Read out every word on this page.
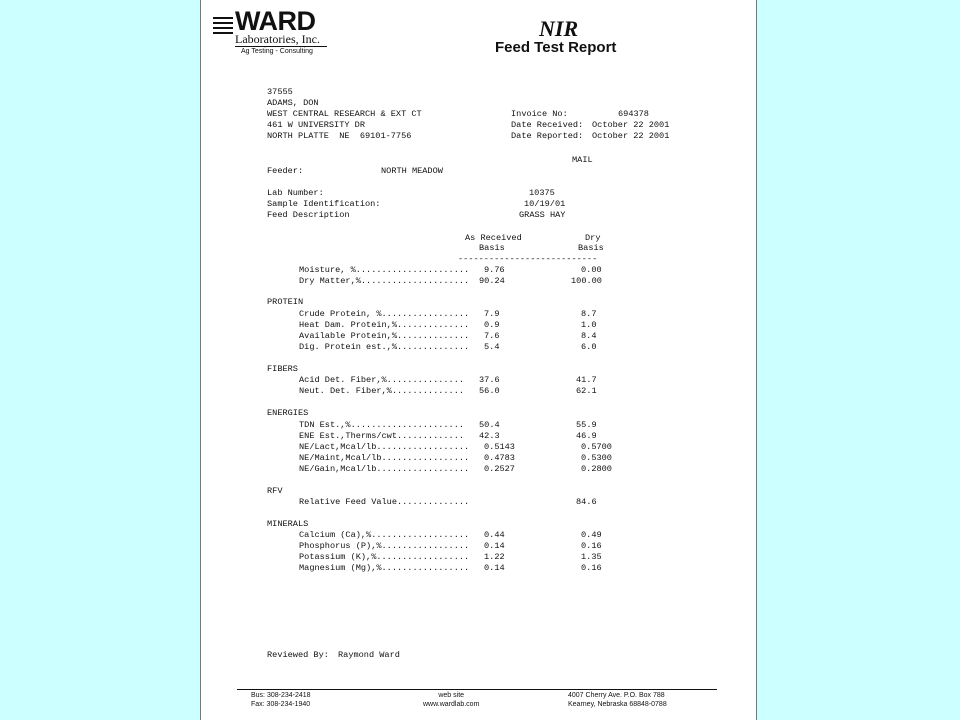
WARD
Laboratories, Inc.
Ag Testing - Consulting
NIR
Feed Test Report
37555
ADAMS, DON
WEST CENTRAL RESEARCH & EXT CT
461 W UNIVERSITY DR
NORTH PLATTE  NE  69101-7756
Invoice No:	694378
Date Received: October 22 2001
Date Reported: October 22 2001
MAIL
Feeder:	NORTH MEADOW
Lab Number:	10375
Sample Identification:	10/19/01
Feed Description	GRASS HAY
As Received
Basis
Dry
Basis
---------------------------
Moisture, %...................... 9.76	0.00
Dry Matter,%..................... 90.24	100.00
PROTEIN
Crude Protein, %................. 7.9	8.7
Heat Dam. Protein,%.............. 0.9	1.0
Available Protein,%.............. 7.6	8.4
Dig. Protein est.,%.............. 5.4	6.0
FIBERS
Acid Det. Fiber,%............... 37.6	41.7
Neut. Det. Fiber,%.............. 56.0	62.1
ENERGIES
TDN Est.,%...................... 50.4	55.9
ENE Est.,Therms/cwt............. 42.3	46.9
NE/Lact,Mcal/lb.................. 0.5143	0.5700
NE/Maint,Mcal/lb................. 0.4783	0.5300
NE/Gain,Mcal/lb.................. 0.2527	0.2800
RFV
Relative Feed Value..............	84.6
MINERALS
Calcium (Ca),%................... 0.44	0.49
Phosphorus (P),%................. 0.14	0.16
Potassium (K),%.................. 1.22	1.35
Magnesium (Mg),%................. 0.14	0.16
Reviewed By: Raymond Ward
Bus: 308-234-2418
Fax: 308-234-1940
web site
www.wardlab.com
4007 Cherry Ave. P.O. Box 788
Kearney, Nebraska 68848-0788
